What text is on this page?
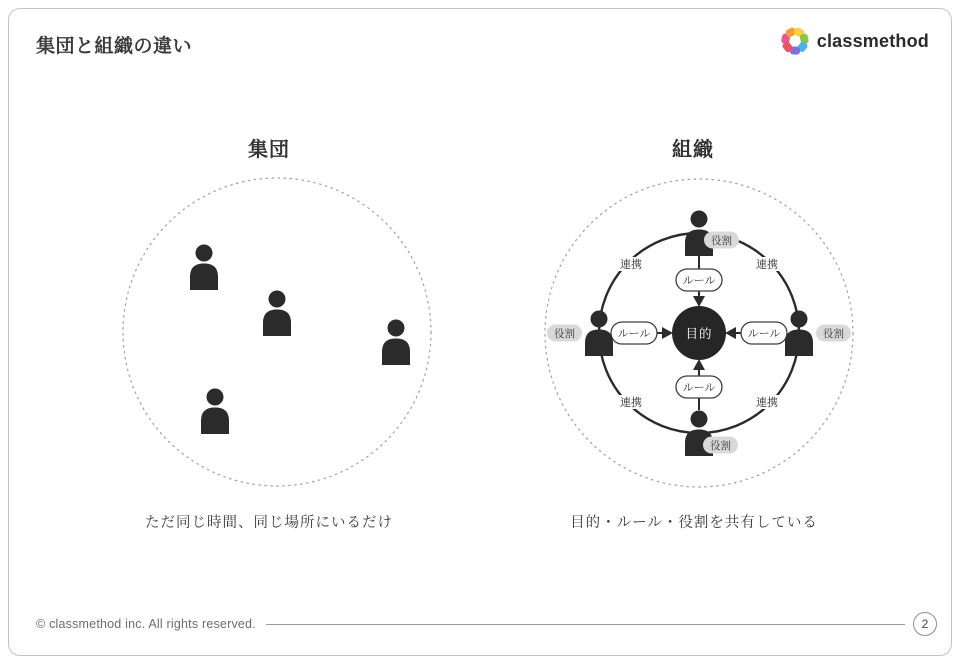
集団と組織の違い	classmethod
集団	組織
ルール
ルール	ルール
ルール
目的
役割
役割	役割
役割
連携	連携
連携	連携
ただ同じ時間、同じ場所にいるだけ	目的・ルール・役割を共有している
© classmethod inc. All rights reserved.	2
